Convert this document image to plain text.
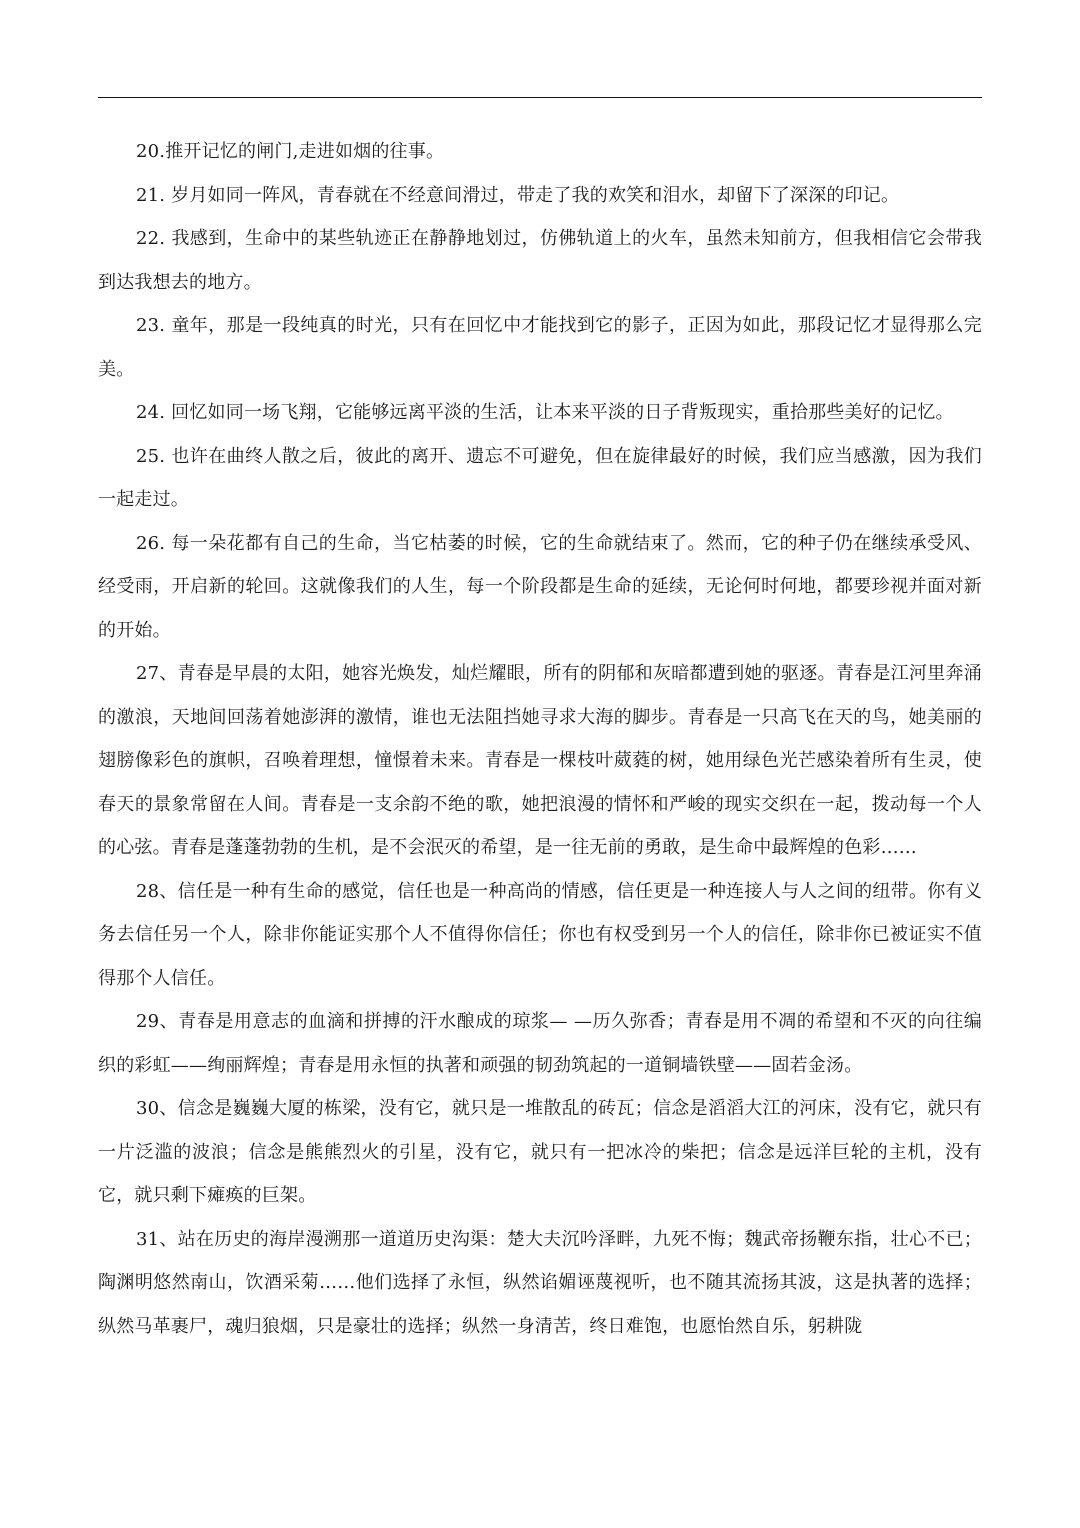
20.推开记忆的闸门,走进如烟的往事。

21. 岁月如同一阵风，青春就在不经意间滑过，带走了我的欢笑和泪水，却留下了深深的印记。

22. 我感到，生命中的某些轨迹正在静静地划过，仿佛轨道上的火车，虽然未知前方，但我相信它会带我到达我想去的地方。

23. 童年，那是一段纯真的时光，只有在回忆中才能找到它的影子，正因为如此，那段记忆才显得那么完美。

24. 回忆如同一场飞翔，它能够远离平淡的生活，让本来平淡的日子背叛现实，重拾那些美好的记忆。

25. 也许在曲终人散之后，彼此的离开、遗忘不可避免，但在旋律最好的时候，我们应当感激，因为我们一起走过。

26. 每一朵花都有自己的生命，当它枯萎的时候，它的生命就结束了。然而，它的种子仍在继续承受风、经受雨，开启新的轮回。这就像我们的人生，每一个阶段都是生命的延续，无论何时何地，都要珍视并面对新的开始。

27、青春是早晨的太阳，她容光焕发，灿烂耀眼，所有的阴郁和灰暗都遭到她的驱逐。青春是江河里奔涌的激浪，天地间回荡着她澎湃的激情，谁也无法阻挡她寻求大海的脚步。青春是一只高飞在天的鸟，她美丽的翅膀像彩色的旗帜，召唤着理想，憧憬着未来。青春是一棵枝叶葳蕤的树，她用绿色光芒感染着所有生灵，使春天的景象常留在人间。青春是一支余韵不绝的歌，她把浪漫的情怀和严峻的现实交织在一起，拨动每一个人的心弦。青春是蓬蓬勃勃的生机，是不会泯灭的希望，是一往无前的勇敢，是生命中最辉煌的色彩……

28、信任是一种有生命的感觉，信任也是一种高尚的情感，信任更是一种连接人与人之间的纽带。你有义务去信任另一个人，除非你能证实那个人不值得你信任；你也有权受到另一个人的信任，除非你已被证实不值得那个人信任。

29、青春是用意志的血滴和拼搏的汗水酿成的琼浆— —历久弥香；青春是用不凋的希望和不灭的向往编织的彩虹——绚丽辉煌；青春是用永恒的执著和顽强的韧劲筑起的一道铜墙铁壁——固若金汤。

30、信念是巍巍大厦的栋梁，没有它，就只是一堆散乱的砖瓦；信念是滔滔大江的河床，没有它，就只有一片泛滥的波浪；信念是熊熊烈火的引星，没有它，就只有一把冰冷的柴把；信念是远洋巨轮的主机，没有它，就只剩下瘫痪的巨架。

31、站在历史的海岸漫溯那一道道历史沟渠：楚大夫沉吟泽畔，九死不悔；魏武帝扬鞭东指，壮心不已；陶渊明悠然南山，饮酒采菊……他们选择了永恒，纵然谄媚诬蔑视听，也不随其流扬其波，这是执著的选择；纵然马革裹尸，魂归狼烟，只是豪壮的选择；纵然一身清苦，终日难饱，也愿怡然自乐，躬耕陇
